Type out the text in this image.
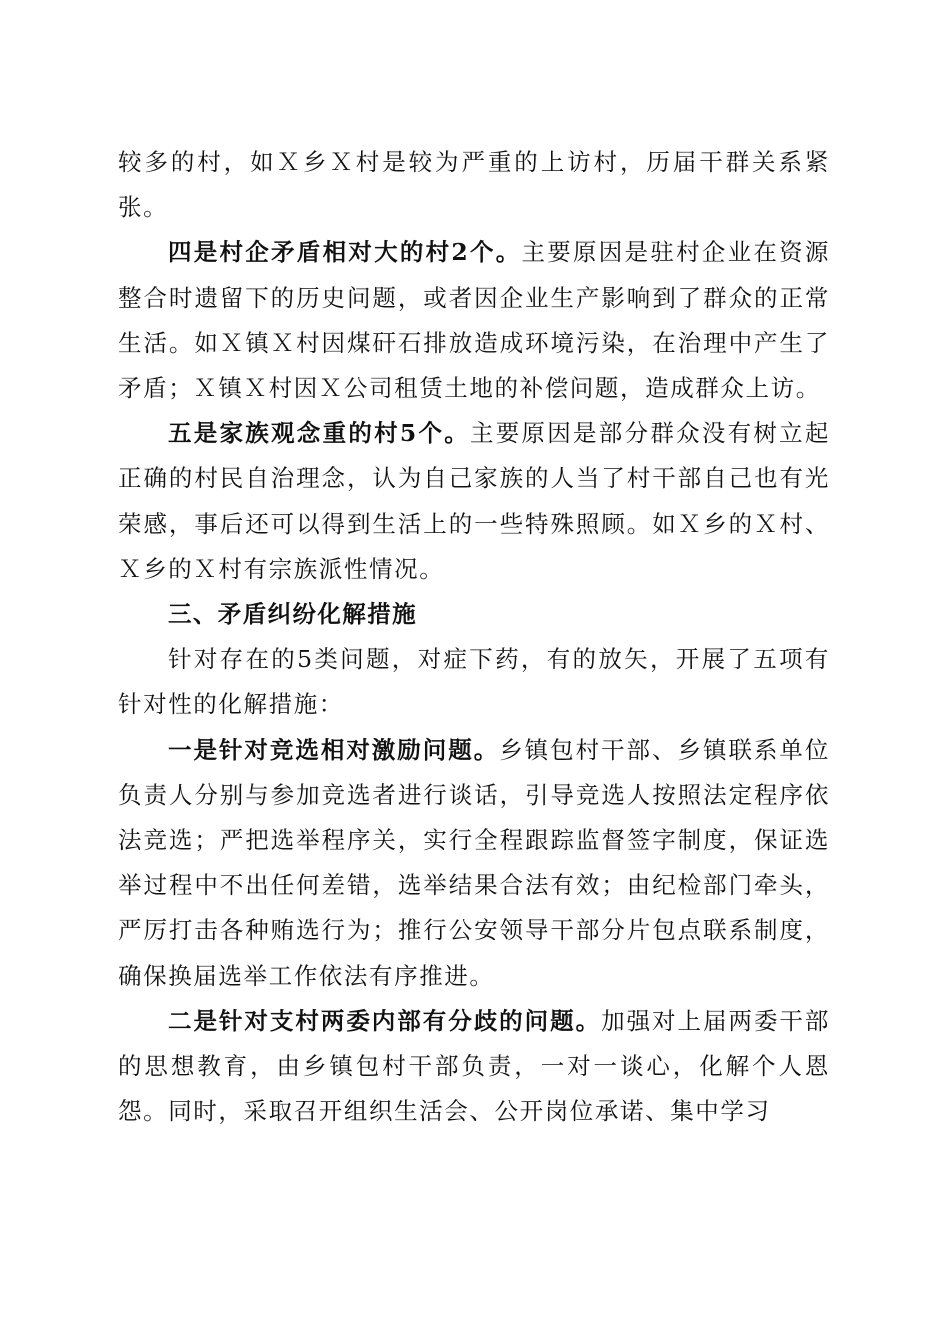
较多的村，如Ｘ乡Ｘ村是较为严重的上访村，历届干群关系紧张。

四是村企矛盾相对大的村2个。主要原因是驻村企业在资源整合时遗留下的历史问题，或者因企业生产影响到了群众的正常生活。如Ｘ镇Ｘ村因煤矸石排放造成环境污染，在治理中产生了矛盾；Ｘ镇Ｘ村因Ｘ公司租赁土地的补偿问题，造成群众上访。

五是家族观念重的村5个。主要原因是部分群众没有树立起正确的村民自治理念，认为自己家族的人当了村干部自己也有光荣感，事后还可以得到生活上的一些特殊照顾。如Ｘ乡的Ｘ村、Ｘ乡的Ｘ村有宗族派性情况。

三、矛盾纠纷化解措施

针对存在的5类问题，对症下药，有的放矢，开展了五项有针对性的化解措施：

一是针对竞选相对激励问题。乡镇包村干部、乡镇联系单位负责人分别与参加竞选者进行谈话，引导竞选人按照法定程序依法竞选；严把选举程序关，实行全程跟踪监督签字制度，保证选举过程中不出任何差错，选举结果合法有效；由纪检部门牵头，严厉打击各种贿选行为；推行公安领导干部分片包点联系制度，确保换届选举工作依法有序推进。

二是针对支村两委内部有分歧的问题。加强对上届两委干部的思想教育，由乡镇包村干部负责，一对一谈心，化解个人恩怨。同时，采取召开组织生活会、公开岗位承诺、集中学习
